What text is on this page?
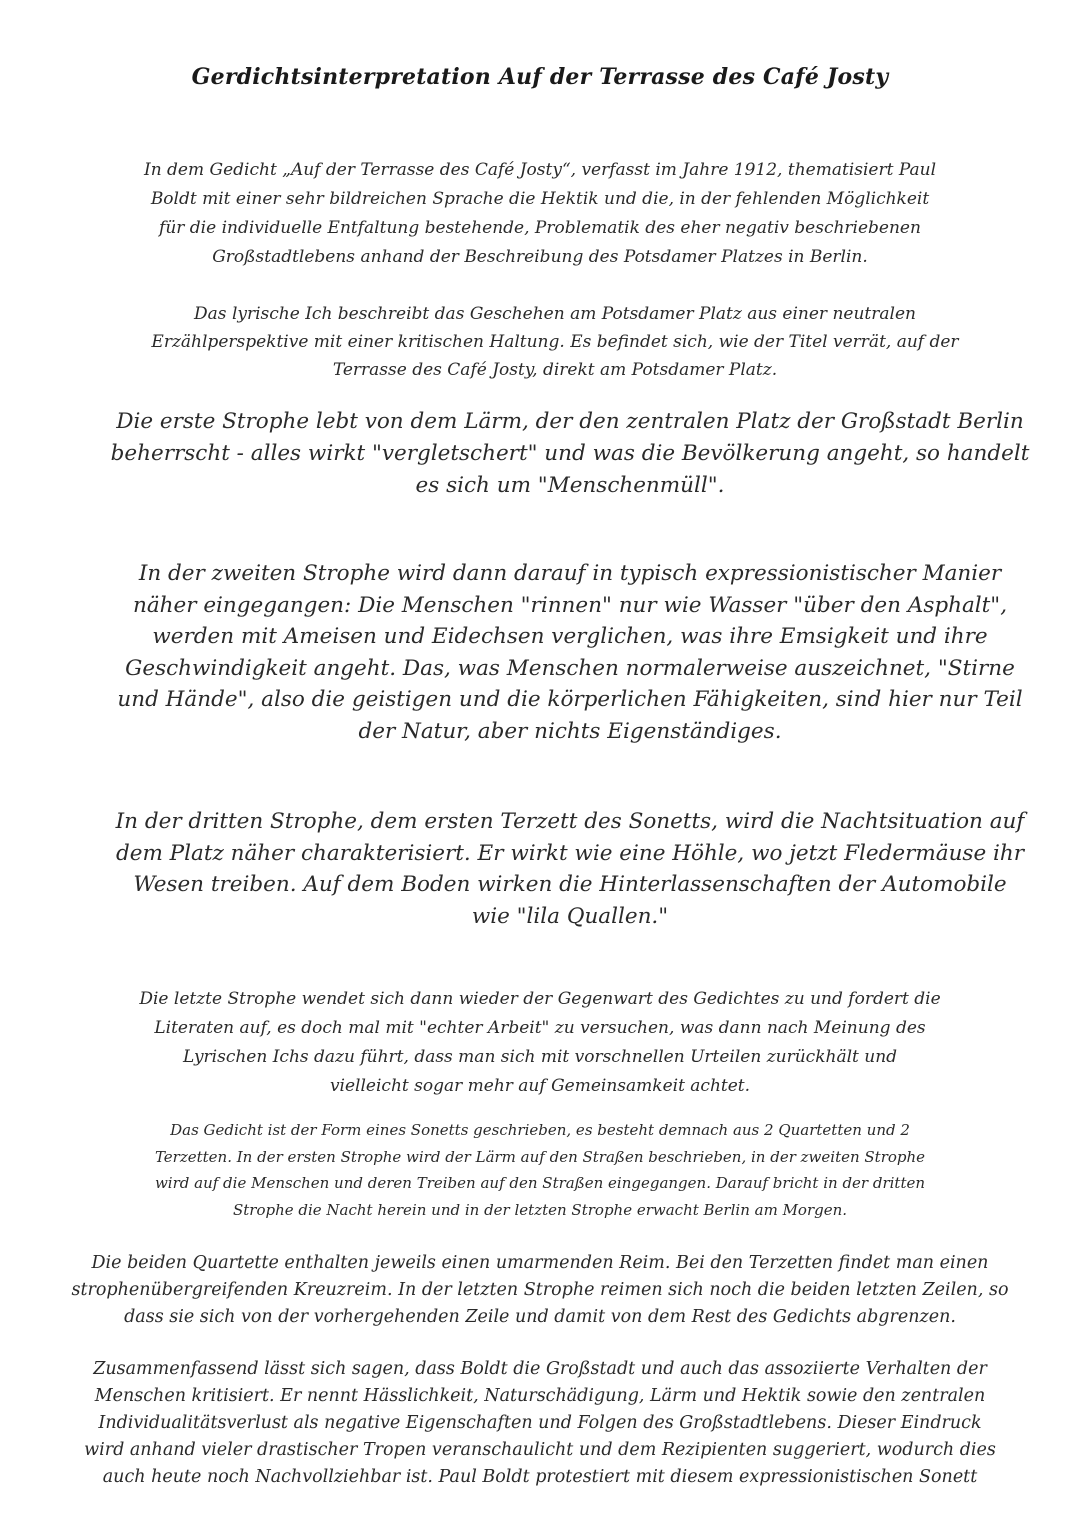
Gerdichtsinterpretation Auf der Terrasse des Café Josty
In dem Gedicht „Auf der Terrasse des Café Josty“, verfasst im Jahre 1912, thematisiert Paul
Boldt mit einer sehr bildreichen Sprache die Hektik und die, in der fehlenden Möglichkeit
für die individuelle Entfaltung bestehende, Problematik des eher negativ beschriebenen
Großstadtlebens anhand der Beschreibung des Potsdamer Platzes in Berlin.
Das lyrische Ich beschreibt das Geschehen am Potsdamer Platz aus einer neutralen
Erzählperspektive mit einer kritischen Haltung. Es befindet sich, wie der Titel verrät, auf der
Terrasse des Café Josty, direkt am Potsdamer Platz.
Die erste Strophe lebt von dem Lärm, der den zentralen Platz der Großstadt Berlin
beherrscht - alles wirkt "vergletschert" und was die Bevölkerung angeht, so handelt
es sich um "Menschenmüll".
In der zweiten Strophe wird dann darauf in typisch expressionistischer Manier
näher eingegangen: Die Menschen "rinnen" nur wie Wasser "über den Asphalt",
werden mit Ameisen und Eidechsen verglichen, was ihre Emsigkeit und ihre
Geschwindigkeit angeht. Das, was Menschen normalerweise auszeichnet, "Stirne
und Hände", also die geistigen und die körperlichen Fähigkeiten, sind hier nur Teil
der Natur, aber nichts Eigenständiges.
In der dritten Strophe, dem ersten Terzett des Sonetts, wird die Nachtsituation auf
dem Platz näher charakterisiert. Er wirkt wie eine Höhle, wo jetzt Fledermäuse ihr
Wesen treiben. Auf dem Boden wirken die Hinterlassenschaften der Automobile
wie "lila Quallen."
Die letzte Strophe wendet sich dann wieder der Gegenwart des Gedichtes zu und fordert die
Literaten auf, es doch mal mit "echter Arbeit" zu versuchen, was dann nach Meinung des
Lyrischen Ichs dazu führt, dass man sich mit vorschnellen Urteilen zurückhält und
vielleicht sogar mehr auf Gemeinsamkeit achtet.
Das Gedicht ist der Form eines Sonetts geschrieben, es besteht demnach aus 2 Quartetten und 2
Terzetten. In der ersten Strophe wird der Lärm auf den Straßen beschrieben, in der zweiten Strophe
wird auf die Menschen und deren Treiben auf den Straßen eingegangen. Darauf bricht in der dritten
Strophe die Nacht herein und in der letzten Strophe erwacht Berlin am Morgen.
Die beiden Quartette enthalten jeweils einen umarmenden Reim. Bei den Terzetten findet man einen
strophenübergreifenden Kreuzreim. In der letzten Strophe reimen sich noch die beiden letzten Zeilen, so
dass sie sich von der vorhergehenden Zeile und damit von dem Rest des Gedichts abgrenzen.
Zusammenfassend lässt sich sagen, dass Boldt die Großstadt und auch das assoziierte Verhalten der
Menschen kritisiert. Er nennt Hässlichkeit, Naturschädigung, Lärm und Hektik sowie den zentralen
Individualitätsverlust als negative Eigenschaften und Folgen des Großstadtlebens. Dieser Eindruck
wird anhand vieler drastischer Tropen veranschaulicht und dem Rezipienten suggeriert, wodurch dies
auch heute noch Nachvollziehbar ist. Paul Boldt protestiert mit diesem expressionistischen Sonett
